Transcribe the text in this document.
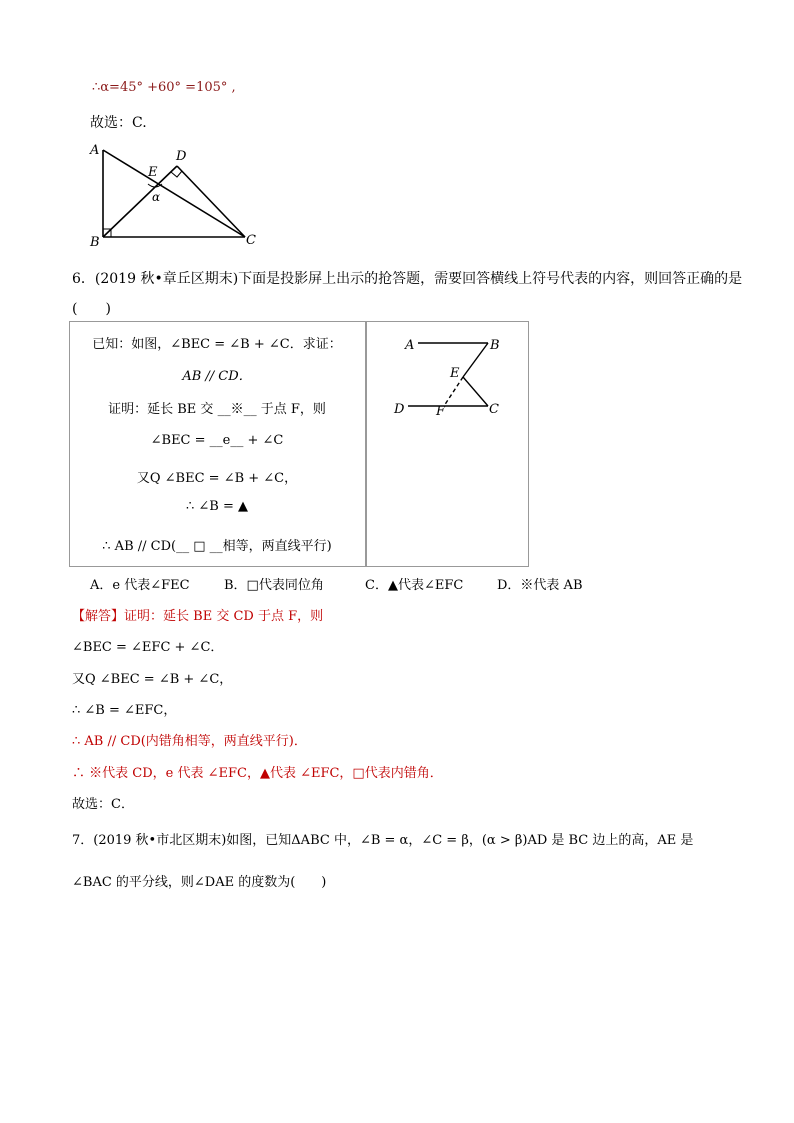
∴α=45° +60° =105° ,
故选：C.
A
B	C
D
E
α
6．(2019 秋•章丘区期末)下面是投影屏上出示的抢答题，需要回答横线上符号代表的内容，则回答正确的是
(　　)
已知：如图，∠BEC = ∠B + ∠C．求证：
AB // CD．
证明：延长 BE 交 __※__ 于点 F，则
∠BEC = __e__ + ∠C
又Q ∠BEC = ∠B + ∠C，
∴ ∠B = ▲
∴ AB // CD(__ □ __相等，两直线平行)
A	B
E
D F	C
A．e 代表∠FEC	B．□代表同位角	C．▲代表∠EFC	D．※代表 AB
【解答】证明：延长 BE 交 CD 于点 F，则
∠BEC = ∠EFC + ∠C．
又Q ∠BEC = ∠B + ∠C，
∴ ∠B = ∠EFC，
∴ AB // CD(内错角相等，两直线平行)．
∴ ※代表 CD，e 代表 ∠EFC，▲代表 ∠EFC，□代表内错角．
故选：C．
7．(2019 秋•市北区期末)如图，已知ΔABC 中，∠B = α，∠C = β，(α > β)AD 是 BC 边上的高，AE 是
∠BAC 的平分线，则∠DAE 的度数为(　　)
